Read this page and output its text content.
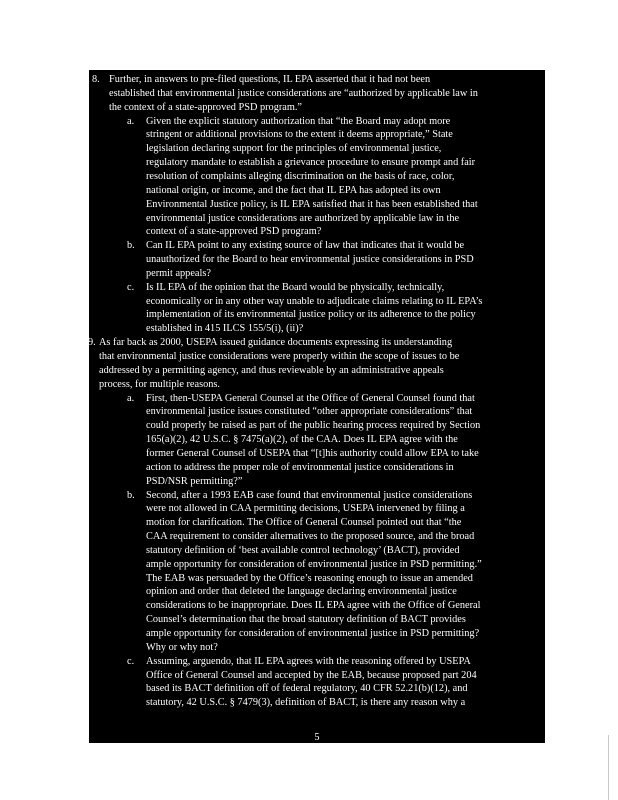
8. Further, in answers to pre-filed questions, IL EPA asserted that it had not been
established that environmental justice considerations are “authorized by applicable law in
the context of a state-approved PSD program.”
a. Given the explicit statutory authorization that “the Board may adopt more
stringent or additional provisions to the extent it deems appropriate,” State
legislation declaring support for the principles of environmental justice,
regulatory mandate to establish a grievance procedure to ensure prompt and fair
resolution of complaints alleging discrimination on the basis of race, color,
national origin, or income, and the fact that IL EPA has adopted its own
Environmental Justice policy, is IL EPA satisfied that it has been established that
environmental justice considerations are authorized by applicable law in the
context of a state-approved PSD program?
b. Can IL EPA point to any existing source of law that indicates that it would be
unauthorized for the Board to hear environmental justice considerations in PSD
permit appeals?
c. Is IL EPA of the opinion that the Board would be physically, technically,
economically or in any other way unable to adjudicate claims relating to IL EPA’s
implementation of its environmental justice policy or its adherence to the policy
established in 415 ILCS 155/5(i), (ii)?
9. As far back as 2000, USEPA issued guidance documents expressing its understanding
that environmental justice considerations were properly within the scope of issues to be
addressed by a permitting agency, and thus reviewable by an administrative appeals
process, for multiple reasons.
a. First, then-USEPA General Counsel at the Office of General Counsel found that
environmental justice issues constituted “other appropriate considerations” that
could properly be raised as part of the public hearing process required by Section
165(a)(2), 42 U.S.C. § 7475(a)(2), of the CAA. Does IL EPA agree with the
former General Counsel of USEPA that “[t]his authority could allow EPA to take
action to address the proper role of environmental justice considerations in
PSD/NSR permitting?”
b. Second, after a 1993 EAB case found that environmental justice considerations
were not allowed in CAA permitting decisions, USEPA intervened by filing a
motion for clarification. The Office of General Counsel pointed out that “the
CAA requirement to consider alternatives to the proposed source, and the broad
statutory definition of ‘best available control technology’ (BACT), provided
ample opportunity for consideration of environmental justice in PSD permitting.”
The EAB was persuaded by the Office’s reasoning enough to issue an amended
opinion and order that deleted the language declaring environmental justice
considerations to be inappropriate. Does IL EPA agree with the Office of General
Counsel’s determination that the broad statutory definition of BACT provides
ample opportunity for consideration of environmental justice in PSD permitting?
Why or why not?
c. Assuming, arguendo, that IL EPA agrees with the reasoning offered by USEPA
Office of General Counsel and accepted by the EAB, because proposed part 204
based its BACT definition off of federal regulatory, 40 CFR 52.21(b)(12), and
statutory, 42 U.S.C. § 7479(3), definition of BACT, is there any reason why a
5
